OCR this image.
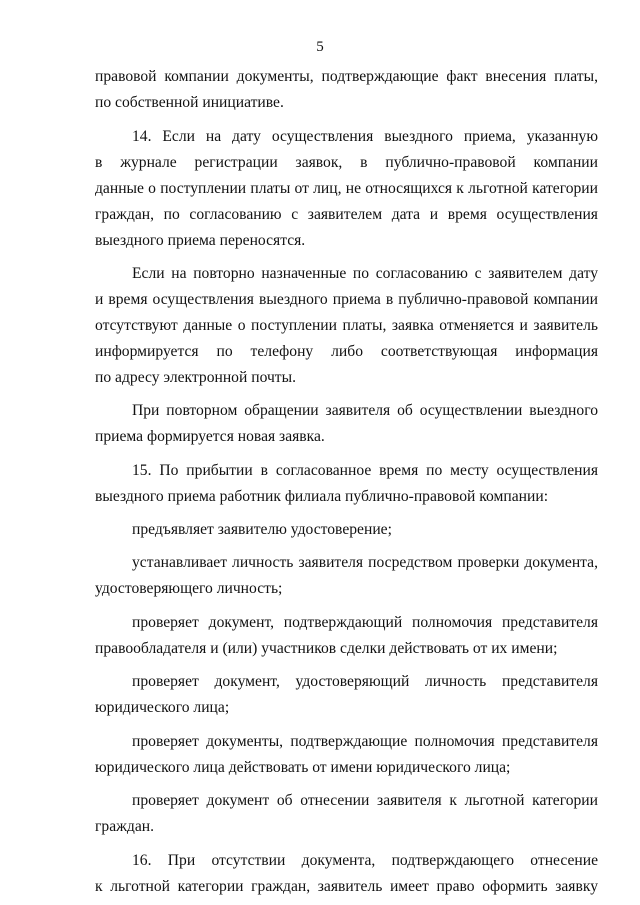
5
правовой компании документы, подтверждающие факт внесения платы,
по собственной инициативе.
14. Если на дату осуществления выездного приема, указанную
в журнале регистрации заявок, в публично-правовой компании
данные о поступлении платы от лиц, не относящихся к льготной категории
граждан, по согласованию с заявителем дата и время осуществления
выездного приема переносятся.
Если на повторно назначенные по согласованию с заявителем дату
и время осуществления выездного приема в публично-правовой компании
отсутствуют данные о поступлении платы, заявка отменяется и заявитель
информируется по телефону либо соответствующая информация
по адресу электронной почты.
При повторном обращении заявителя об осуществлении выездного
приема формируется новая заявка.
15. По прибытии в согласованное время по месту осуществления
выездного приема работник филиала публично-правовой компании:
предъявляет заявителю удостоверение;
устанавливает личность заявителя посредством проверки документа,
удостоверяющего личность;
проверяет документ, подтверждающий полномочия представителя
правообладателя и (или) участников сделки действовать от их имени;
проверяет документ, удостоверяющий личность представителя
юридического лица;
проверяет документы, подтверждающие полномочия представителя
юридического лица действовать от имени юридического лица;
проверяет документ об отнесении заявителя к льготной категории
граждан.
16. При отсутствии документа, подтверждающего отнесение
к льготной категории граждан, заявитель имеет право оформить заявку
